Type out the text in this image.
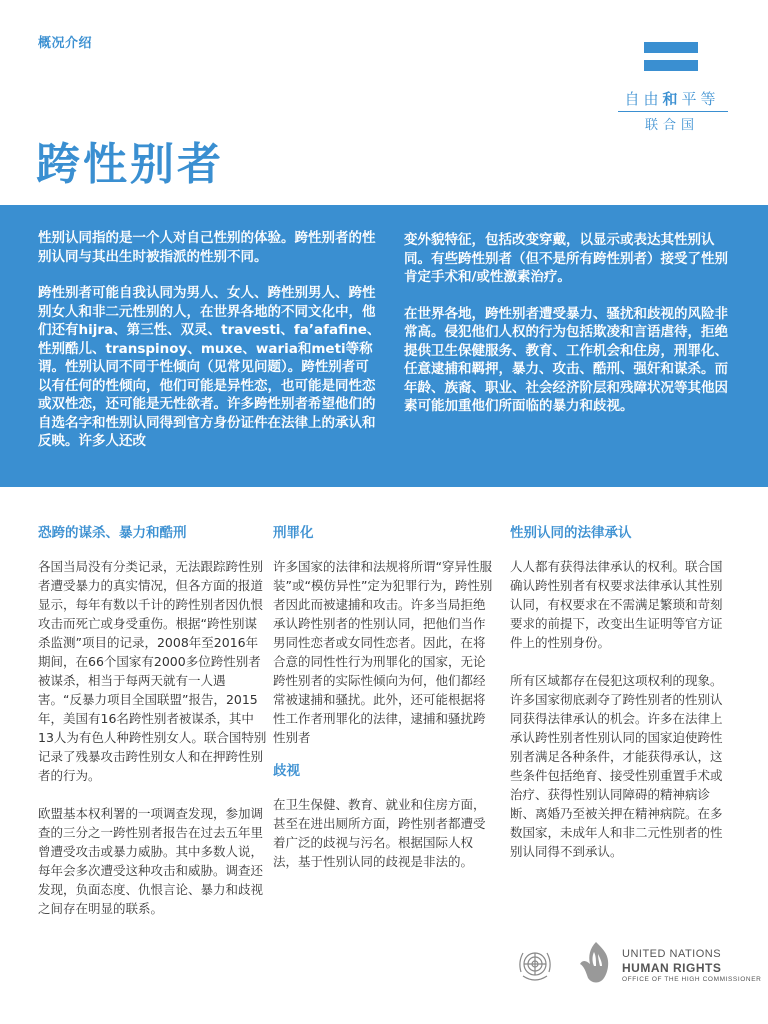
概况介绍
自由和平等
联合国
跨性别者

性别认同指的是一个人对自己性别的体验。跨性别者的性别认同与其出生时被指派的性别不同。

跨性别者可能自我认同为男人、女人、跨性别男人、跨性别女人和非二元性别的人，在世界各地的不同文化中，他们还有hijra、第三性、双灵、travesti、fa’afafine、性别酷儿、transpinoy、muxe、waria和meti等称谓。性别认同不同于性倾向（见常见问题）。跨性别者可以有任何的性倾向，他们可能是异性恋，也可能是同性恋或双性恋，还可能是无性欲者。许多跨性别者希望他们的自选名字和性别认同得到官方身份证件在法律上的承认和反映。许多人还改

变外貌特征，包括改变穿戴，以显示或表达其性别认同。有些跨性别者（但不是所有跨性别者）接受了性别肯定手术和/或性激素治疗。

在世界各地，跨性别者遭受暴力、骚扰和歧视的风险非常高。侵犯他们人权的行为包括欺凌和言语虐待，拒绝提供卫生保健服务、教育、工作机会和住房，刑罪化、任意逮捕和羁押，暴力、攻击、酷刑、强奸和谋杀。而年龄、族裔、职业、社会经济阶层和残障状况等其他因素可能加重他们所面临的暴力和歧视。

恐跨的谋杀、暴力和酷刑

各国当局没有分类记录，无法跟踪跨性别者遭受暴力的真实情况，但各方面的报道显示，每年有数以千计的跨性别者因仇恨攻击而死亡或身受重伤。根据“跨性别谋杀监测”项目的记录，2008年至2016年期间，在66个国家有2000多位跨性别者被谋杀，相当于每两天就有一人遇害。“反暴力项目全国联盟”报告，2015年，美国有16名跨性别者被谋杀，其中13人为有色人种跨性别女人。联合国特别记录了残暴攻击跨性别女人和在押跨性别者的行为。

欧盟基本权利署的一项调查发现，参加调查的三分之一跨性别者报告在过去五年里曾遭受攻击或暴力威胁。其中多数人说，每年会多次遭受这种攻击和威胁。调查还发现，负面态度、仇恨言论、暴力和歧视之间存在明显的联系。

刑罪化

许多国家的法律和法规将所谓“穿异性服装”或“模仿异性”定为犯罪行为，跨性别者因此而被逮捕和攻击。许多当局拒绝承认跨性别者的性别认同，把他们当作男同性恋者或女同性恋者。因此，在将合意的同性性行为刑罪化的国家，无论跨性别者的实际性倾向为何，他们都经常被逮捕和骚扰。此外，还可能根据将性工作者刑罪化的法律，逮捕和骚扰跨性别者

歧视

在卫生保健、教育、就业和住房方面，甚至在进出厕所方面，跨性别者都遭受着广泛的歧视与污名。根据国际人权法，基于性别认同的歧视是非法的。

性别认同的法律承认

人人都有获得法律承认的权利。联合国确认跨性别者有权要求法律承认其性别认同，有权要求在不需满足繁琐和苛刻要求的前提下，改变出生证明等官方证件上的性别身份。

所有区域都存在侵犯这项权利的现象。许多国家彻底剥夺了跨性别者的性别认同获得法律承认的机会。许多在法律上承认跨性别者性别认同的国家迫使跨性别者满足各种条件，才能获得承认，这些条件包括绝育、接受性别重置手术或治疗、获得性别认同障碍的精神病诊断、离婚乃至被关押在精神病院。在多数国家，未成年人和非二元性别者的性别认同得不到承认。

UNITED NATIONS
HUMAN RIGHTS
OFFICE OF THE HIGH COMMISSIONER
